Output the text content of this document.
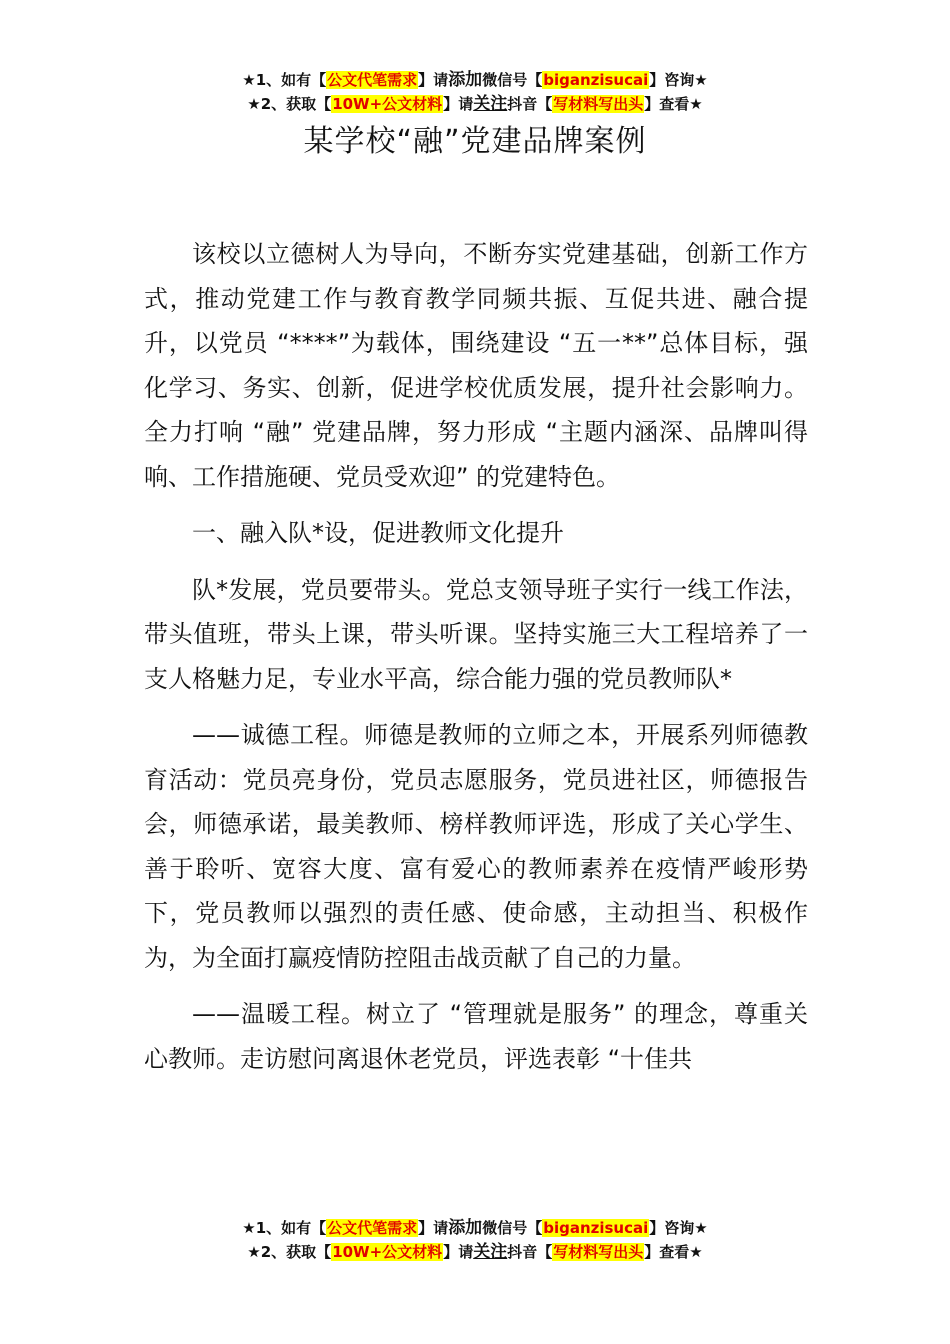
★1、如有【公文代笔需求】请添加微信号【biganzisucai】咨询★
★2、获取【10W+公文材料】请关注抖音【写材料写出头】查看★
某学校“融”党建品牌案例

该校以立德树人为导向，不断夯实党建基础，创新工作方式，推动党建工作与教育教学同频共振、互促共进、融合提升，以党员 “****”为载体，围绕建设 “五一**”总体目标，强化学习、务实、创新，促进学校优质发展，提升社会影响力。全力打响 “融” 党建品牌，努力形成 “主题内涵深、品牌叫得响、工作措施硬、党员受欢迎” 的党建特色。

一、融入队*设，促进教师文化提升

队*发展，党员要带头。党总支领导班子实行一线工作法，带头值班，带头上课，带头听课。坚持实施三大工程培养了一支人格魅力足，专业水平高，综合能力强的党员教师队*

——诚德工程。师德是教师的立师之本，开展系列师德教育活动：党员亮身份，党员志愿服务，党员进社区，师德报告会，师德承诺，最美教师、榜样教师评选，形成了关心学生、善于聆听、宽容大度、富有爱心的教师素养在疫情严峻形势下，党员教师以强烈的责任感、使命感，主动担当、积极作为，为全面打赢疫情防控阻击战贡献了自己的力量。

——温暖工程。树立了 “管理就是服务” 的理念，尊重关心教师。走访慰问离退休老党员，评选表彰 “十佳共

★1、如有【公文代笔需求】请添加微信号【biganzisucai】咨询★
★2、获取【10W+公文材料】请关注抖音【写材料写出头】查看★
